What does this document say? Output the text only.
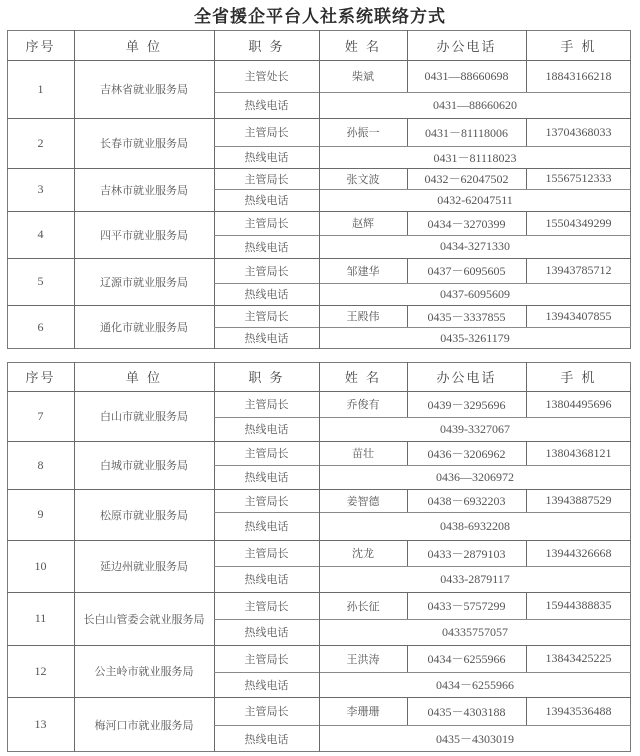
全省援企平台人社系统联络方式
序号	单 位	职 务	姓 名	办公电话	手 机
1	吉林省就业服务局
主管处长	柴斌	0431—88660698	18843166218
热线电话	0431—88660620
2	长春市就业服务局
主管局长	孙振一	0431－81118006	13704368033
热线电话	0431－81118023
3	吉林市就业服务局
主管局长	张文波	0432－62047502	15567512333
热线电话	0432-62047511
4	四平市就业服务局
主管局长	赵辉	0434－3270399	15504349299
热线电话	0434-3271330
5	辽源市就业服务局
主管局长	邹建华	0437－6095605	13943785712
热线电话	0437-6095609
6	通化市就业服务局
主管局长	王殿伟	0435－3337855	13943407855
热线电话	0435-3261179
序号	单 位	职 务	姓 名	办公电话	手 机
7	白山市就业服务局
主管局长	乔俊有	0439－3295696	13804495696
热线电话	0439-3327067
8	白城市就业服务局
主管局长	苗壮	0436－3206962	13804368121
热线电话	0436—3206972
9	松原市就业服务局
主管局长	姜智德	0438－6932203	13943887529
热线电话	0438-6932208
10	延边州就业服务局
主管局长	沈龙	0433－2879103	13944326668
热线电话	0433-2879117
11	长白山管委会就业服务局
主管局长	孙长征	0433－5757299	15944388835
热线电话	04335757057
12	公主岭市就业服务局
主管局长	王洪涛	0434－6255966	13843425225
热线电话	0434－6255966
13	梅河口市就业服务局
主管局长	李珊珊	0435－4303188	13943536488
热线电话	0435－4303019
